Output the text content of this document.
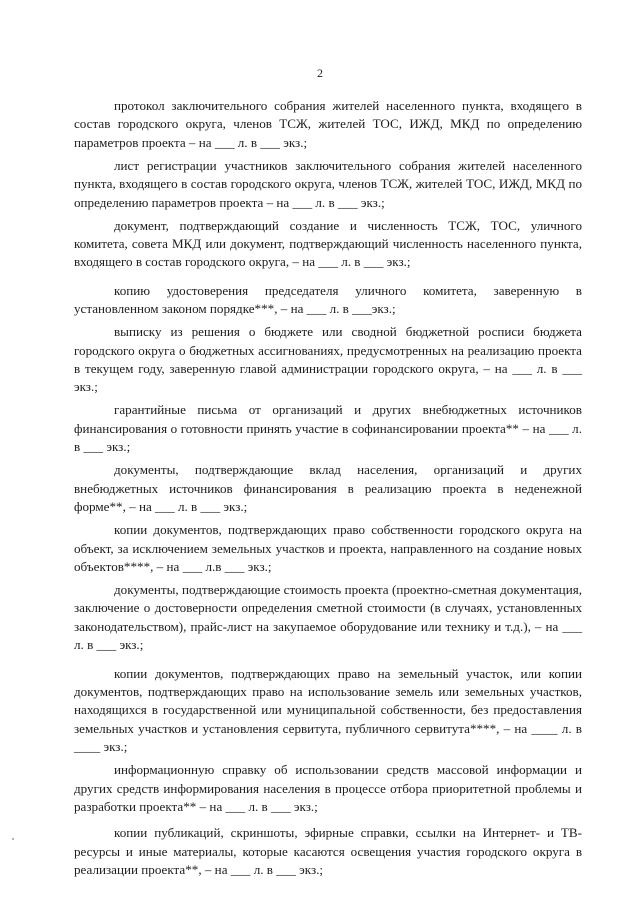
2

протокол заключительного собрания жителей населенного пункта, входящего в состав городского округа, членов ТСЖ, жителей ТОС, ИЖД, МКД по определению параметров проекта – на ___ л. в ___ экз.;

лист регистрации участников заключительного собрания жителей населенного пункта, входящего в состав городского округа, членов ТСЖ, жителей ТОС, ИЖД, МКД по определению параметров проекта – на ___ л. в ___ экз.;

документ, подтверждающий создание и численность ТСЖ, ТОС, уличного комитета, совета МКД или документ, подтверждающий численность населенного пункта, входящего в состав городского округа, – на ___ л. в ___ экз.;

копию удостоверения председателя уличного комитета, заверенную в установленном законом порядке***, – на ___ л. в ___экз.;

выписку из решения о бюджете или сводной бюджетной росписи бюджета городского округа о бюджетных ассигнованиях, предусмотренных на реализацию проекта в текущем году, заверенную главой администрации городского округа, – на ___ л. в ___ экз.;

гарантийные письма от организаций и других внебюджетных источников финансирования о готовности принять участие в софинансировании проекта** – на ___ л. в ___ экз.;

документы, подтверждающие вклад населения, организаций и других внебюджетных источников финансирования в реализацию проекта в неденежной форме**, – на ___ л. в ___ экз.;

копии документов, подтверждающих право собственности городского округа на объект, за исключением земельных участков и проекта, направленного на создание новых объектов****, – на ___ л.в ___ экз.;

документы, подтверждающие стоимость проекта (проектно-сметная документация, заключение о достоверности определения сметной стоимости (в случаях, установленных законодательством), прайс-лист на закупаемое оборудование или технику и т.д.), – на ___ л. в ___ экз.;

копии документов, подтверждающих право на земельный участок, или копии документов, подтверждающих право на использование земель или земельных участков, находящихся в государственной или муниципальной собственности, без предоставления земельных участков и установления сервитута, публичного сервитута****, – на ____ л. в ____ экз.;

информационную справку об использовании средств массовой информации и других средств информирования населения в процессе отбора приоритетной проблемы и разработки проекта** – на ___ л. в ___ экз.;

копии публикаций, скриншоты, эфирные справки, ссылки на Интернет- и ТВ-ресурсы и иные материалы, которые касаются освещения участия городского округа в реализации проекта**, – на ___ л. в ___ экз.;
